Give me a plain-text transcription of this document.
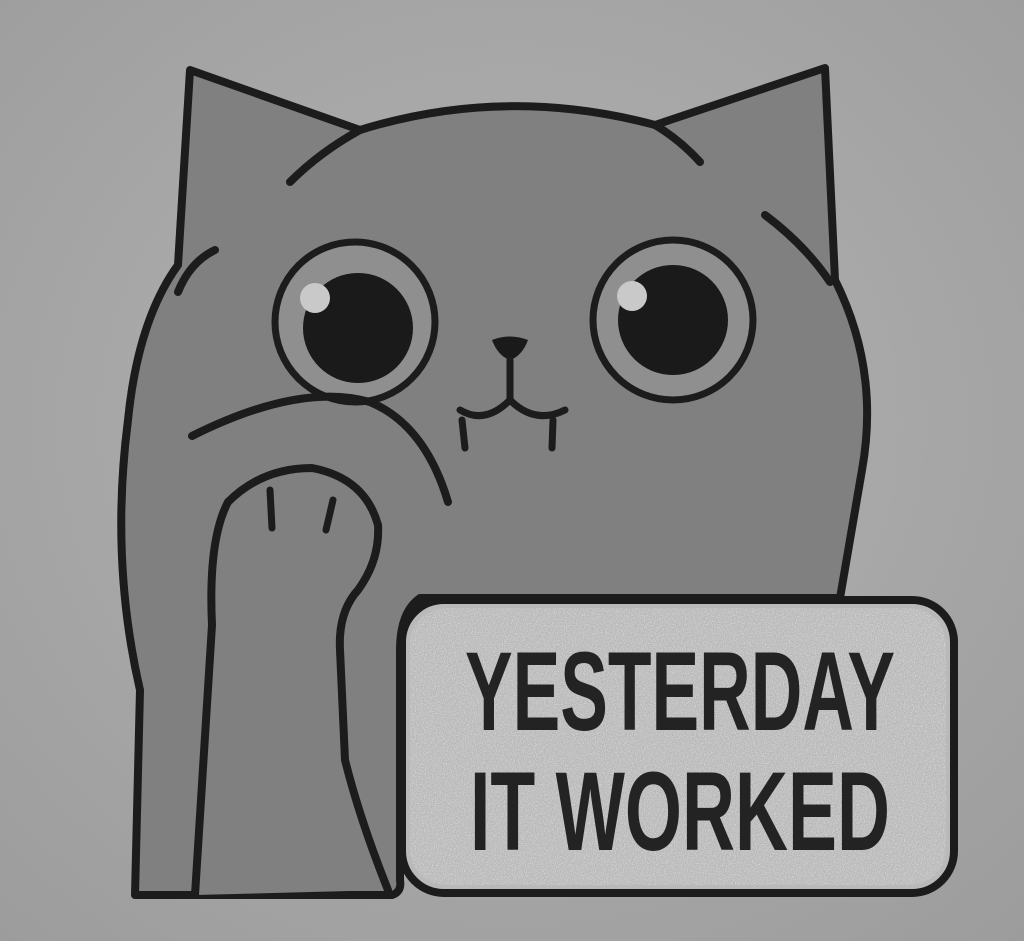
YESTERDAY
IT WORKED
